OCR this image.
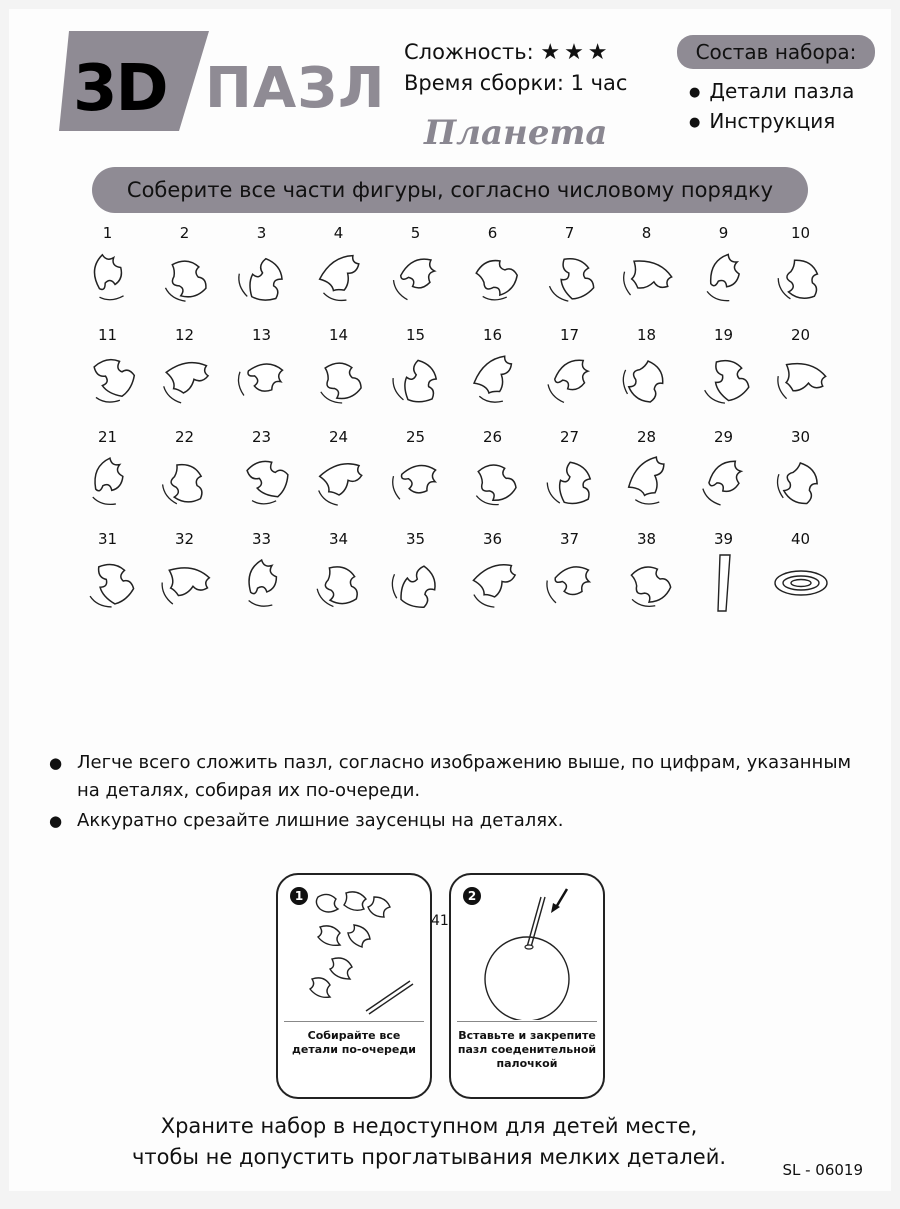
3D ПАЗЛ
Сложность: ★★★
Время сборки: 1 час
Планета
Состав набора:
● Детали пазла
● Инструкция
Соберите все части фигуры, согласно числовому порядку
1	2	3	4	5	6	7	8	9	10
11	12	13	14	15	16	17	18	19	20
21	22	23	24	25	26	27	28	29	30
31	32	33	34	35	36	37	38	39	40
● Легче всего сложить пазл, согласно изображению выше, по цифрам, указанным на деталях, собирая их по-очереди.
● Аккуратно срезайте лишние заусенцы на деталях.
1
Собирайте все детали по-очереди
41
2
Вставьте и закрепите пазл соеденительной палочкой
Храните набор в недоступном для детей месте,
чтобы не допустить проглатывания мелких деталей.
SL - 06019
